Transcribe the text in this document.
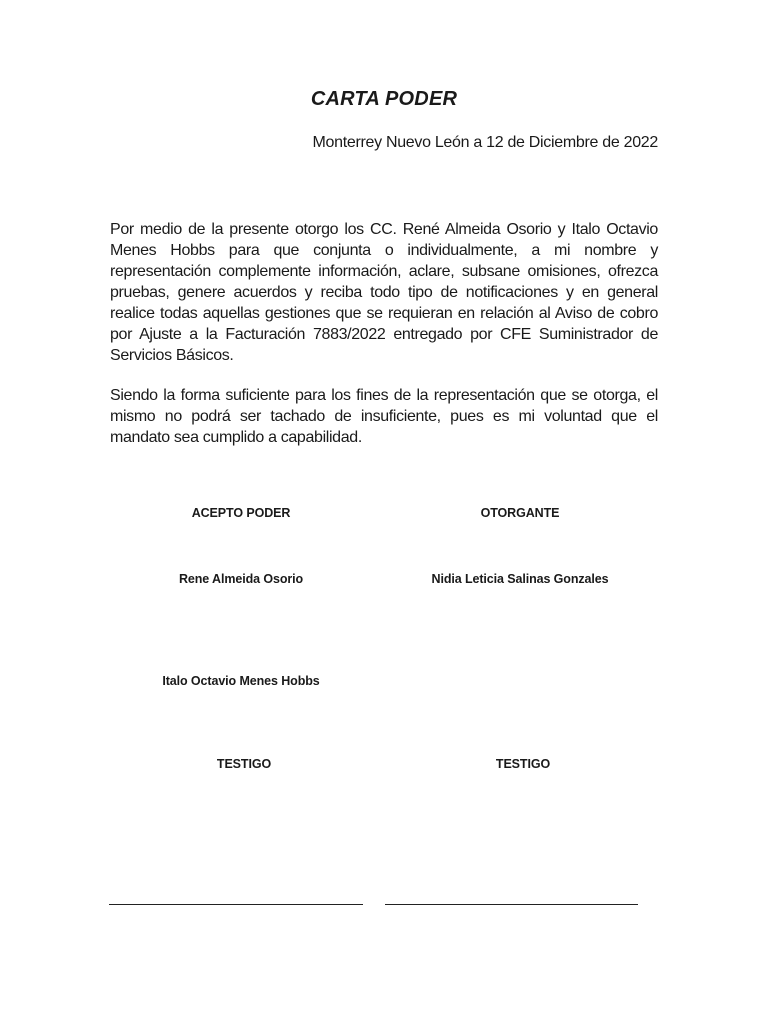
CARTA PODER
Monterrey Nuevo León a 12 de Diciembre de 2022

Por medio de la presente otorgo los CC. René Almeida Osorio y Italo Octavio Menes Hobbs para que conjunta o individualmente, a mi nombre y representación complemente información, aclare, subsane omisiones, ofrezca pruebas, genere acuerdos y reciba todo tipo de notificaciones y en general realice todas aquellas gestiones que se requieran en relación al Aviso de cobro por Ajuste a la Facturación 7883/2022 entregado por CFE Suministrador de Servicios Básicos.

Siendo la forma suficiente para los fines de la representación que se otorga, el mismo no podrá ser tachado de insuficiente, pues es mi voluntad que el mandato sea cumplido a capabilidad.

ACEPTO PODER	OTORGANTE
Rene Almeida Osorio	Nidia Leticia Salinas Gonzales
Italo Octavio Menes Hobbs
TESTIGO	TESTIGO
